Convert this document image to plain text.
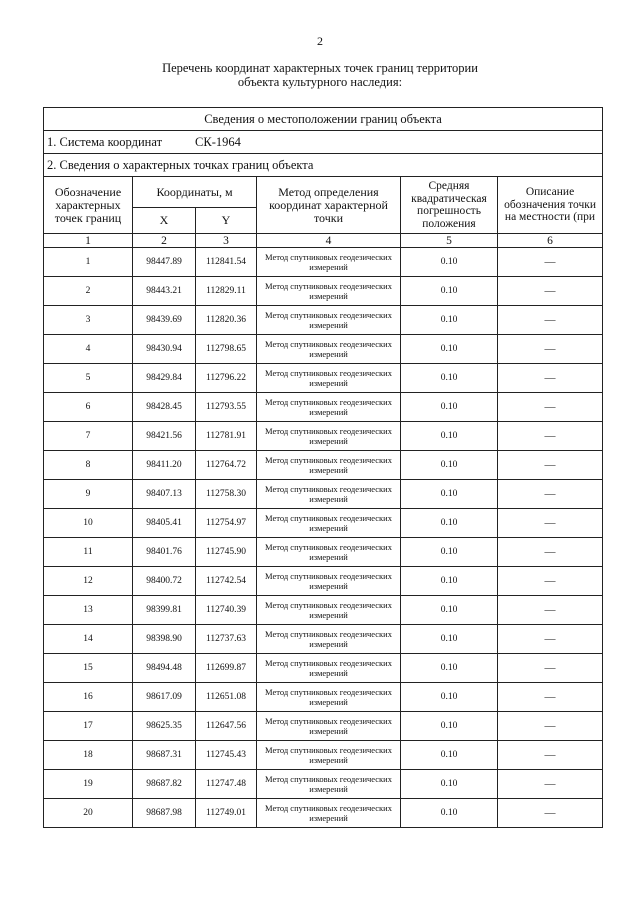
2
Перечень координат характерных точек границ территории
объекта культурного наследия:
Сведения о местоположении границ объекта					
1. Система координат СК-1964					
2. Сведения о характерных точках границ объекта					
Обозначение характерных точек границ	Координаты, м		Метод определения координат характерной точки	Средняя квадратическая погрешность положения	Описание обозначения точки на местности (при
	X	Y			
1	2	3	4	5	6
1	98447.89	112841.54	Метод спутниковых геодезических измерений	0.10	—
2	98443.21	112829.11	Метод спутниковых геодезических измерений	0.10	—
3	98439.69	112820.36	Метод спутниковых геодезических измерений	0.10	—
4	98430.94	112798.65	Метод спутниковых геодезических измерений	0.10	—
5	98429.84	112796.22	Метод спутниковых геодезических измерений	0.10	—
6	98428.45	112793.55	Метод спутниковых геодезических измерений	0.10	—
7	98421.56	112781.91	Метод спутниковых геодезических измерений	0.10	—
8	98411.20	112764.72	Метод спутниковых геодезических измерений	0.10	—
9	98407.13	112758.30	Метод спутниковых геодезических измерений	0.10	—
10	98405.41	112754.97	Метод спутниковых геодезических измерений	0.10	—
11	98401.76	112745.90	Метод спутниковых геодезических измерений	0.10	—
12	98400.72	112742.54	Метод спутниковых геодезических измерений	0.10	—
13	98399.81	112740.39	Метод спутниковых геодезических измерений	0.10	—
14	98398.90	112737.63	Метод спутниковых геодезических измерений	0.10	—
15	98494.48	112699.87	Метод спутниковых геодезических измерений	0.10	—
16	98617.09	112651.08	Метод спутниковых геодезических измерений	0.10	—
17	98625.35	112647.56	Метод спутниковых геодезических измерений	0.10	—
18	98687.31	112745.43	Метод спутниковых геодезических измерений	0.10	—
19	98687.82	112747.48	Метод спутниковых геодезических измерений	0.10	—
20	98687.98	112749.01	Метод спутниковых геодезических измерений	0.10	—
